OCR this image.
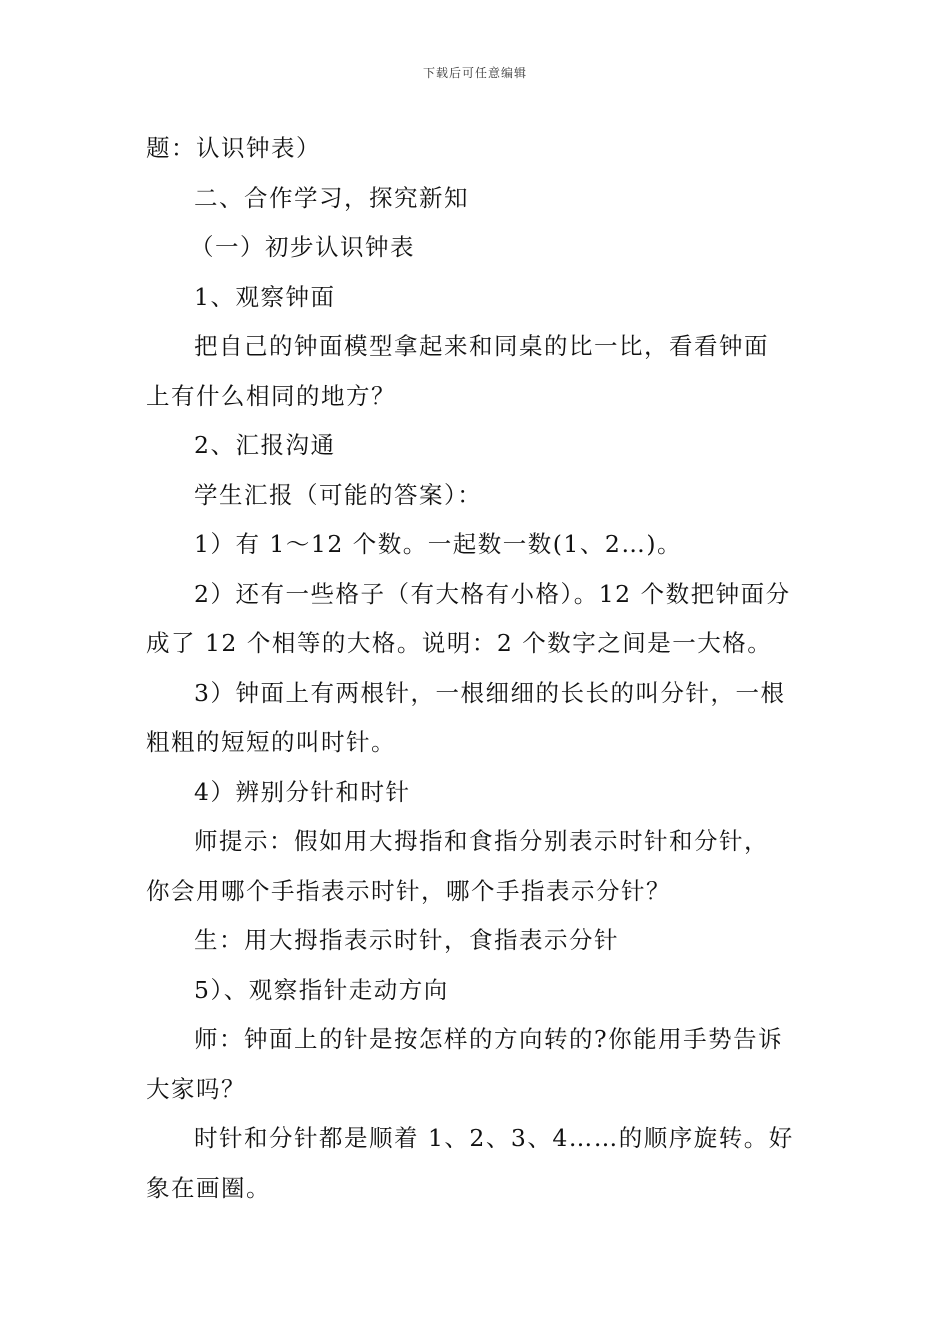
下载后可任意编辑

题：认识钟表）

二、合作学习，探究新知

（一）初步认识钟表

1、观察钟面

把自己的钟面模型拿起来和同桌的比一比，看看钟面

上有什么相同的地方？

2、汇报沟通

学生汇报（可能的答案）：

1）有 1～12 个数。一起数一数(1、2…)。

2）还有一些格子（有大格有小格）。12 个数把钟面分

成了 12 个相等的大格。说明：2 个数字之间是一大格。

3）钟面上有两根针，一根细细的长长的叫分针，一根

粗粗的短短的叫时针。

4）辨别分针和时针

师提示：假如用大拇指和食指分别表示时针和分针，

你会用哪个手指表示时针，哪个手指表示分针？

生：用大拇指表示时针，食指表示分针

5）、观察指针走动方向

师：钟面上的针是按怎样的方向转的?你能用手势告诉

大家吗？

时针和分针都是顺着 1、2、3、4……的顺序旋转。好

象在画圈。
